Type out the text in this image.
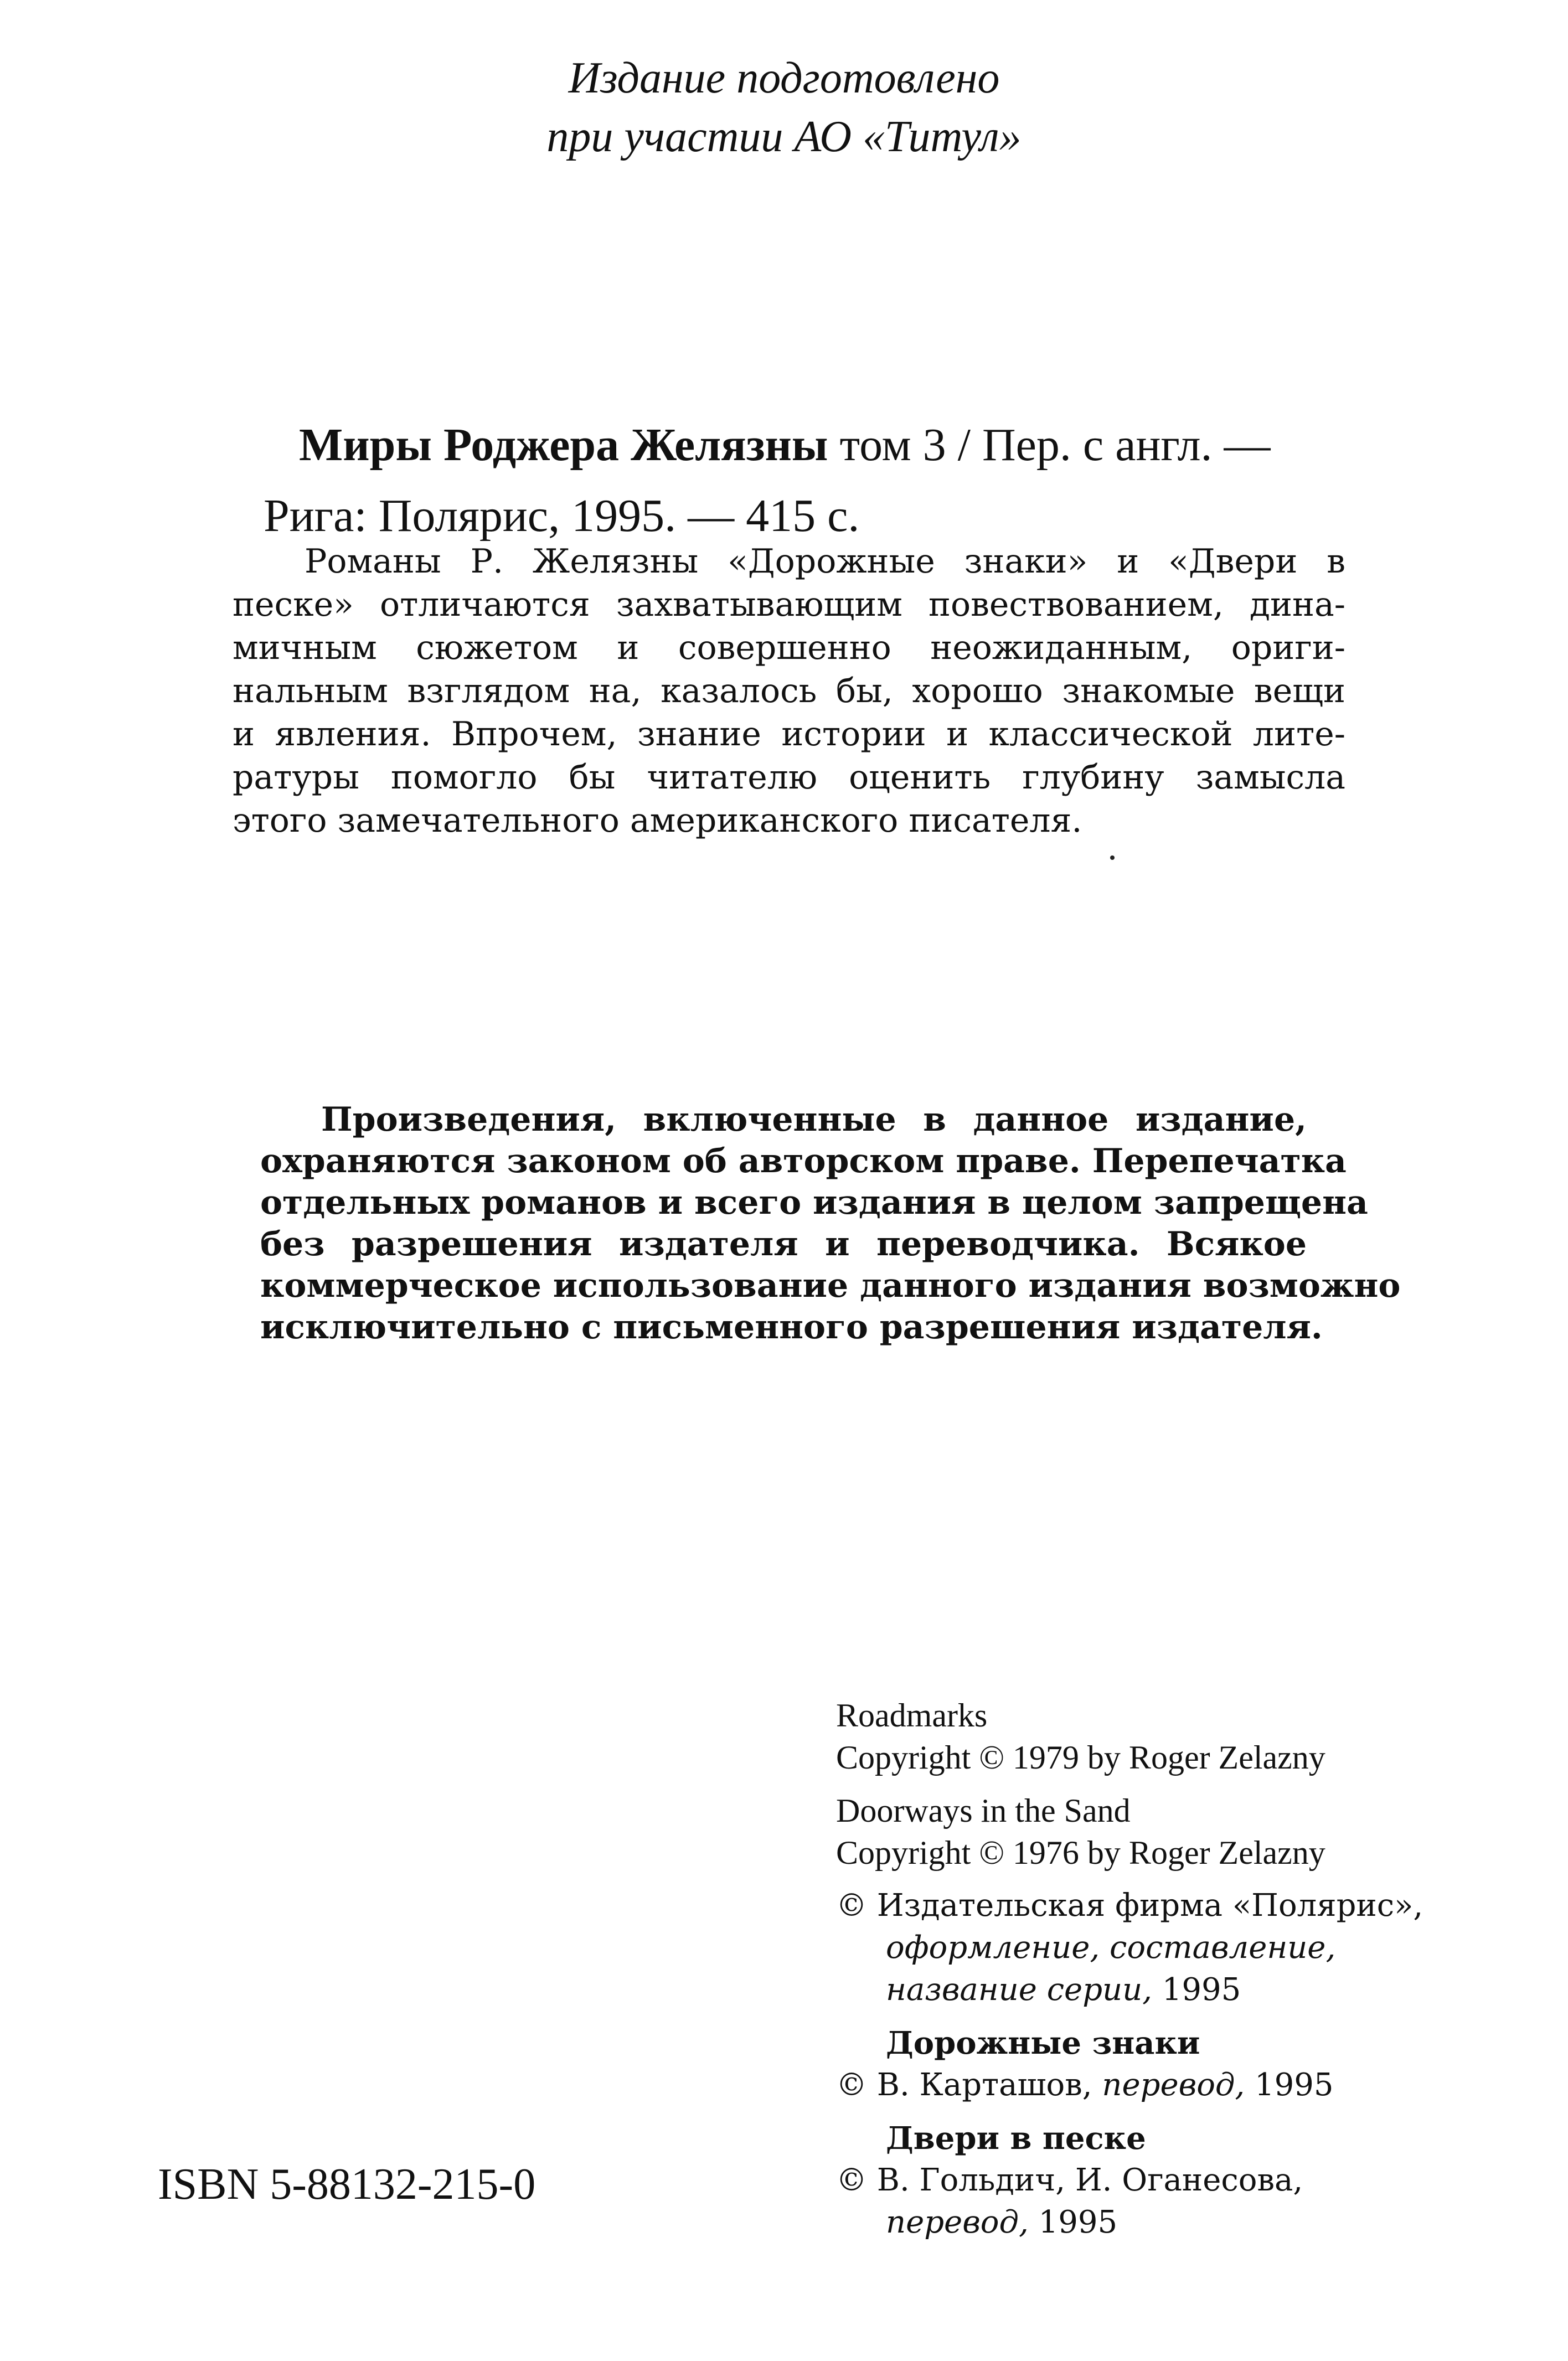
Издание подготовлено
при участии АО «Титул»
Миры Роджера Желязны том 3 / Пер. с англ. —
Рига: Полярис, 1995. — 415 с.
Романы Р. Желязны «Дорожные знаки» и «Двери в
песке» отличаются захватывающим повествованием, дина-
мичным сюжетом и совершенно неожиданным, ориги-
нальным взглядом на, казалось бы, хорошо знакомые вещи
и явления. Впрочем, знание истории и классической лите-
ратуры помогло бы читателю оценить глубину замысла
этого замечательного американского писателя.
Произведения, включенные в данное издание,
охраняются законом об авторском праве. Перепечатка
отдельных романов и всего издания в целом запрещена
без разрешения издателя и переводчика. Всякое
коммерческое использование данного издания возможно
исключительно с письменного разрешения издателя.
Roadmarks
Copyright © 1979 by Roger Zelazny
Doorways in the Sand
Copyright © 1976 by Roger Zelazny
© Издательская фирма «Полярис»,
оформление, составление,
название серии, 1995
Дорожные знаки
© В. Карташов, перевод, 1995
Двери в песке
© В. Гольдич, И. Оганесова,
перевод, 1995
ISBN 5-88132-215-0
